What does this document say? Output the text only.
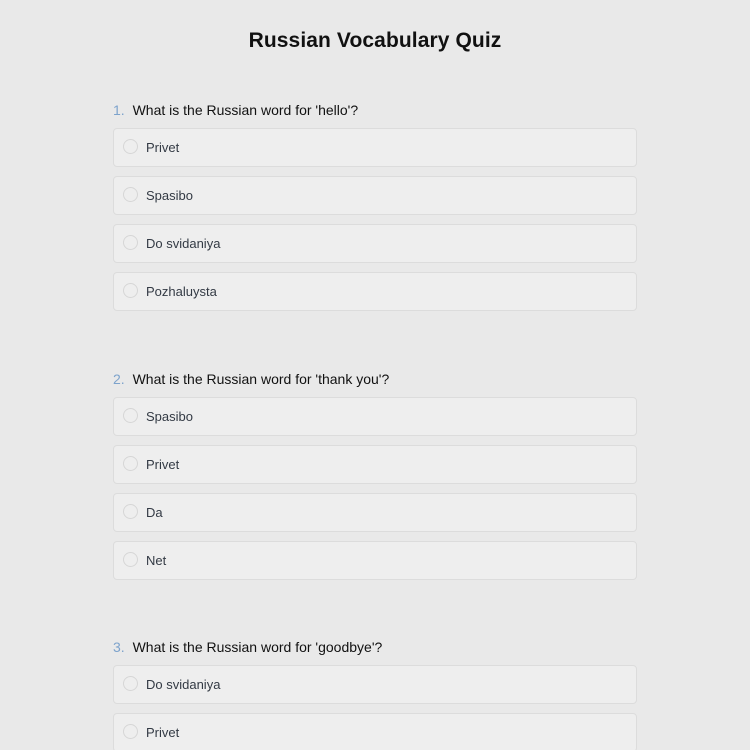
Russian Vocabulary Quiz
1. What is the Russian word for 'hello'?
Privet
Spasibo
Do svidaniya
Pozhaluysta
2. What is the Russian word for 'thank you'?
Spasibo
Privet
Da
Net
3. What is the Russian word for 'goodbye'?
Do svidaniya
Privet
